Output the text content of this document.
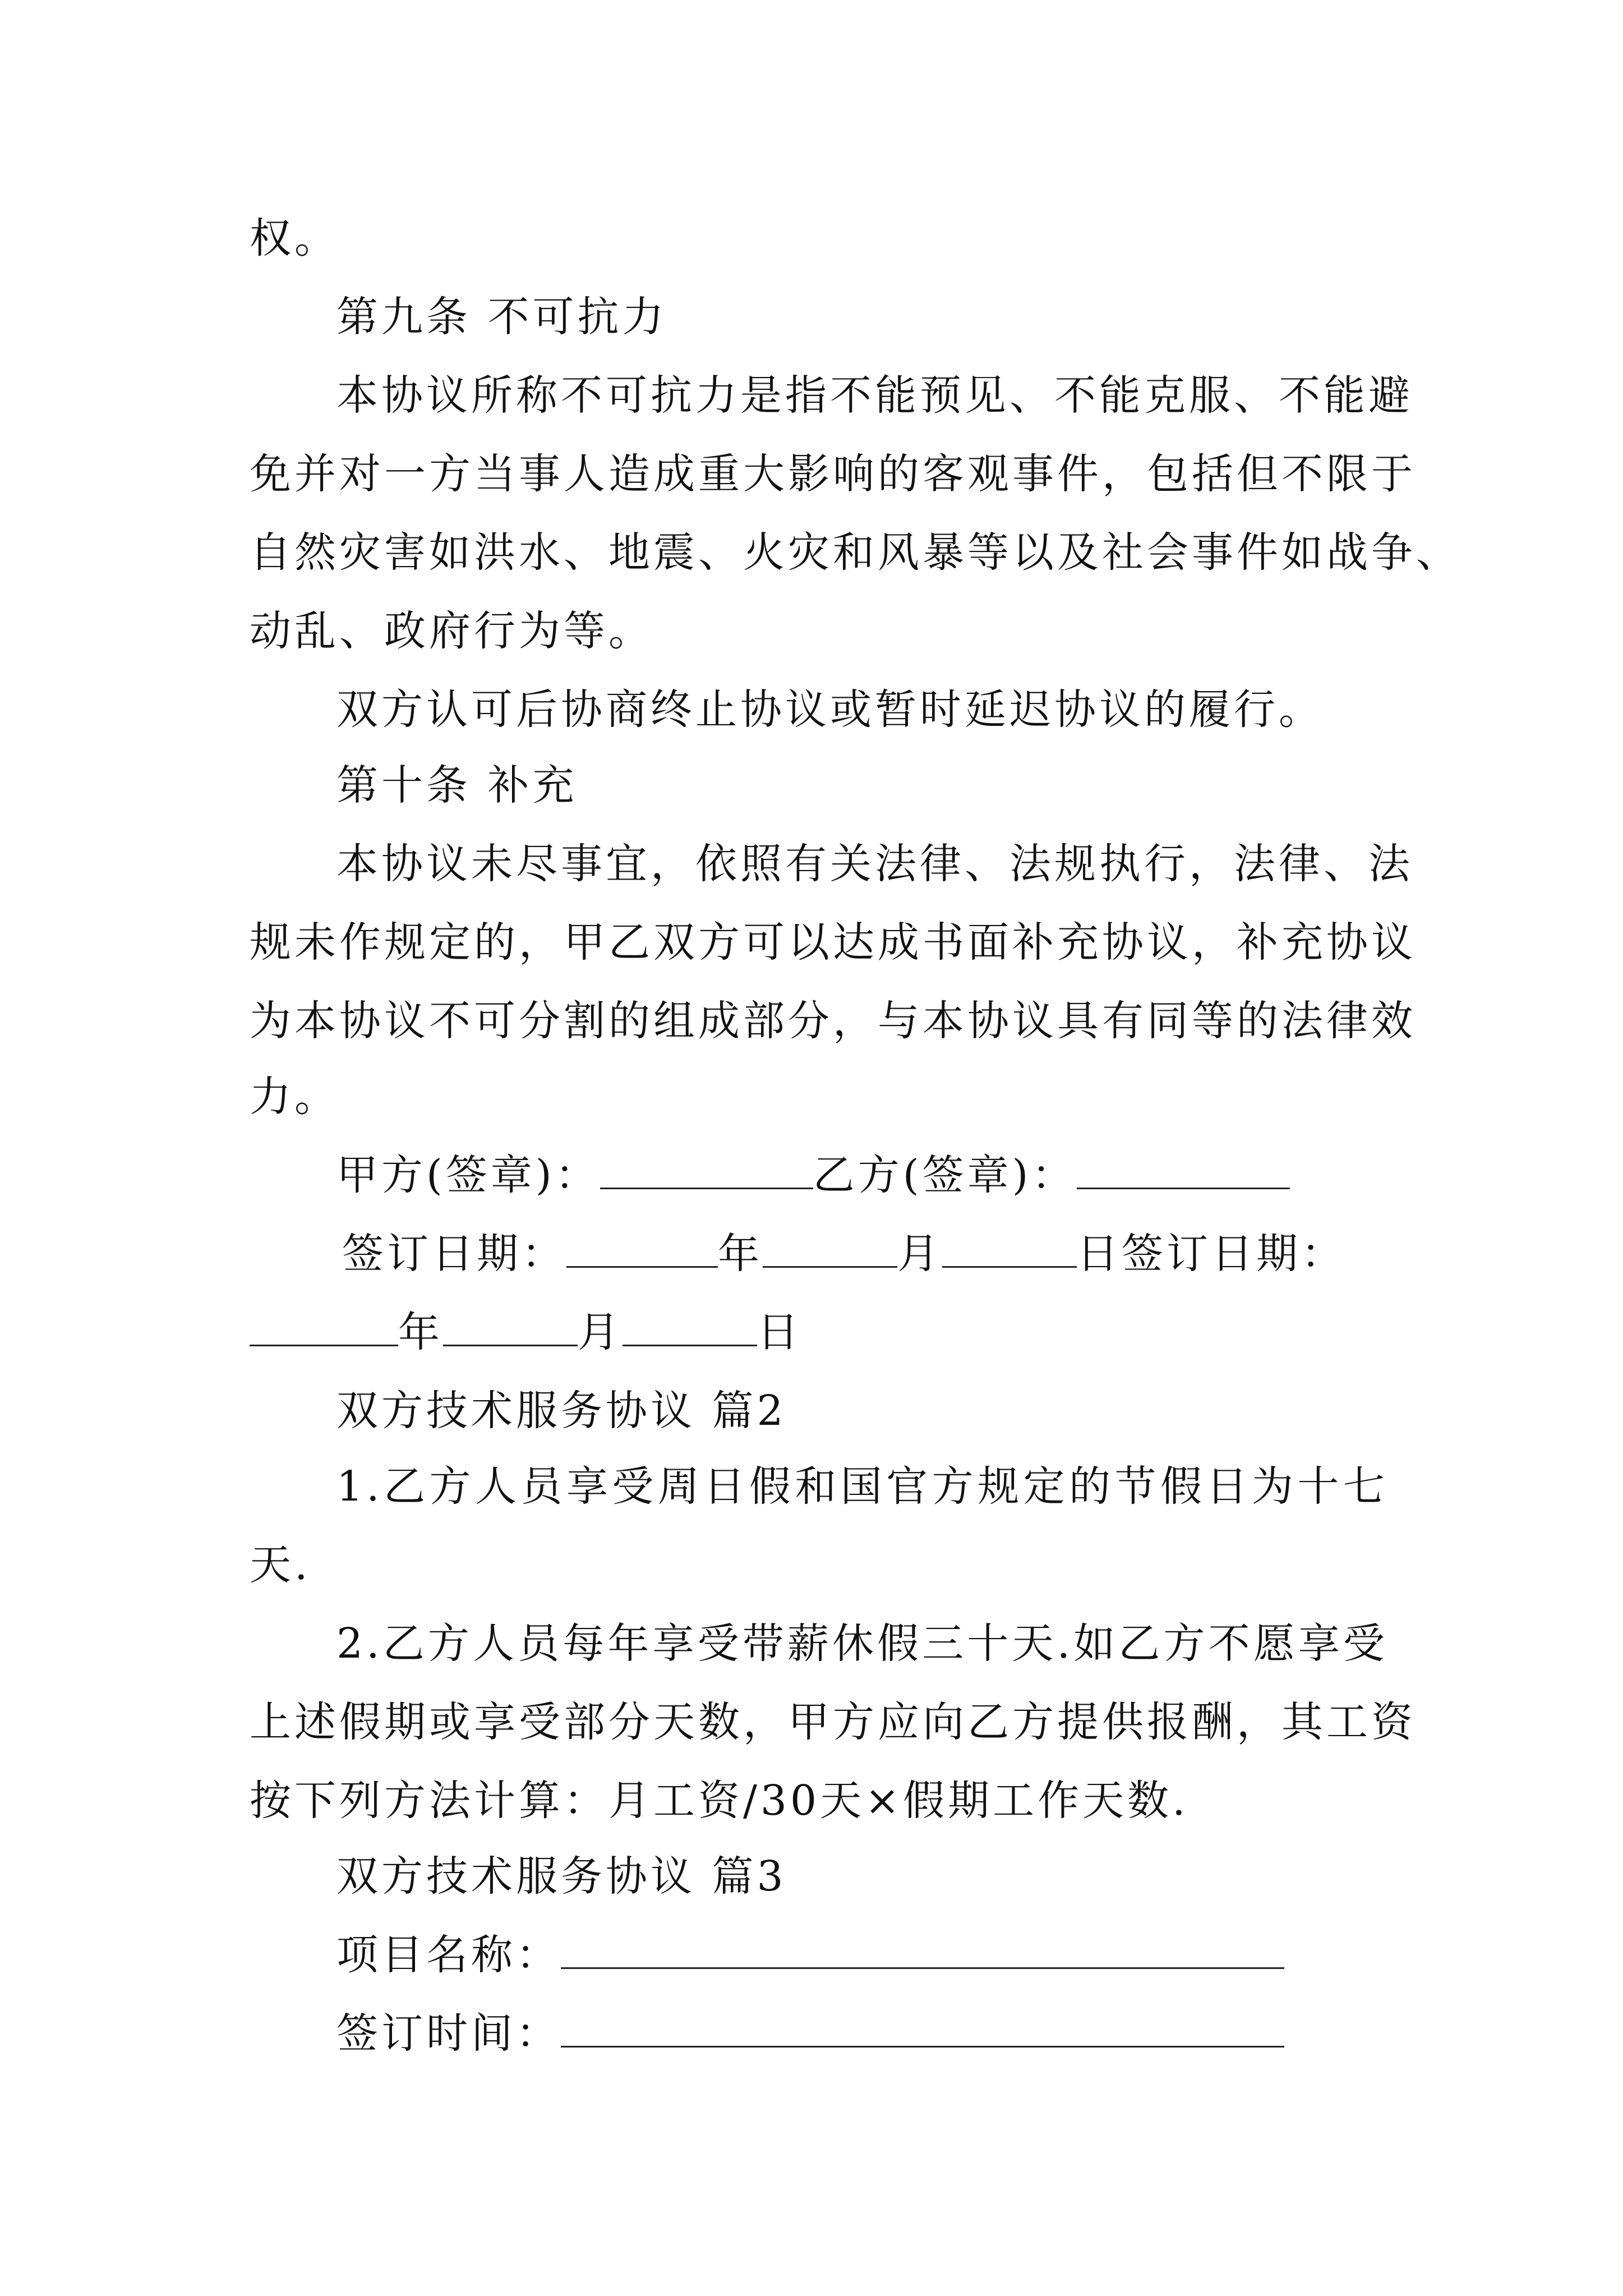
权。
第九条 不可抗力
本协议所称不可抗力是指不能预见、不能克服、不能避
免并对一方当事人造成重大影响的客观事件，包括但不限于
自然灾害如洪水、地震、火灾和风暴等以及社会事件如战争、
动乱、政府行为等。
双方认可后协商终止协议或暂时延迟协议的履行。
第十条 补充
本协议未尽事宜，依照有关法律、法规执行，法律、法
规未作规定的，甲乙双方可以达成书面补充协议，补充协议
为本协议不可分割的组成部分，与本协议具有同等的法律效
力。
甲方(签章)：	乙方(签章)：
签订日期：	年	月	日签订日期：
年	月	日
双方技术服务协议 篇2
1.乙方人员享受周日假和国官方规定的节假日为十七
天.
2.乙方人员每年享受带薪休假三十天.如乙方不愿享受
上述假期或享受部分天数，甲方应向乙方提供报酬，其工资
按下列方法计算：月工资/30天×假期工作天数.
双方技术服务协议 篇3
项目名称：
签订时间：
